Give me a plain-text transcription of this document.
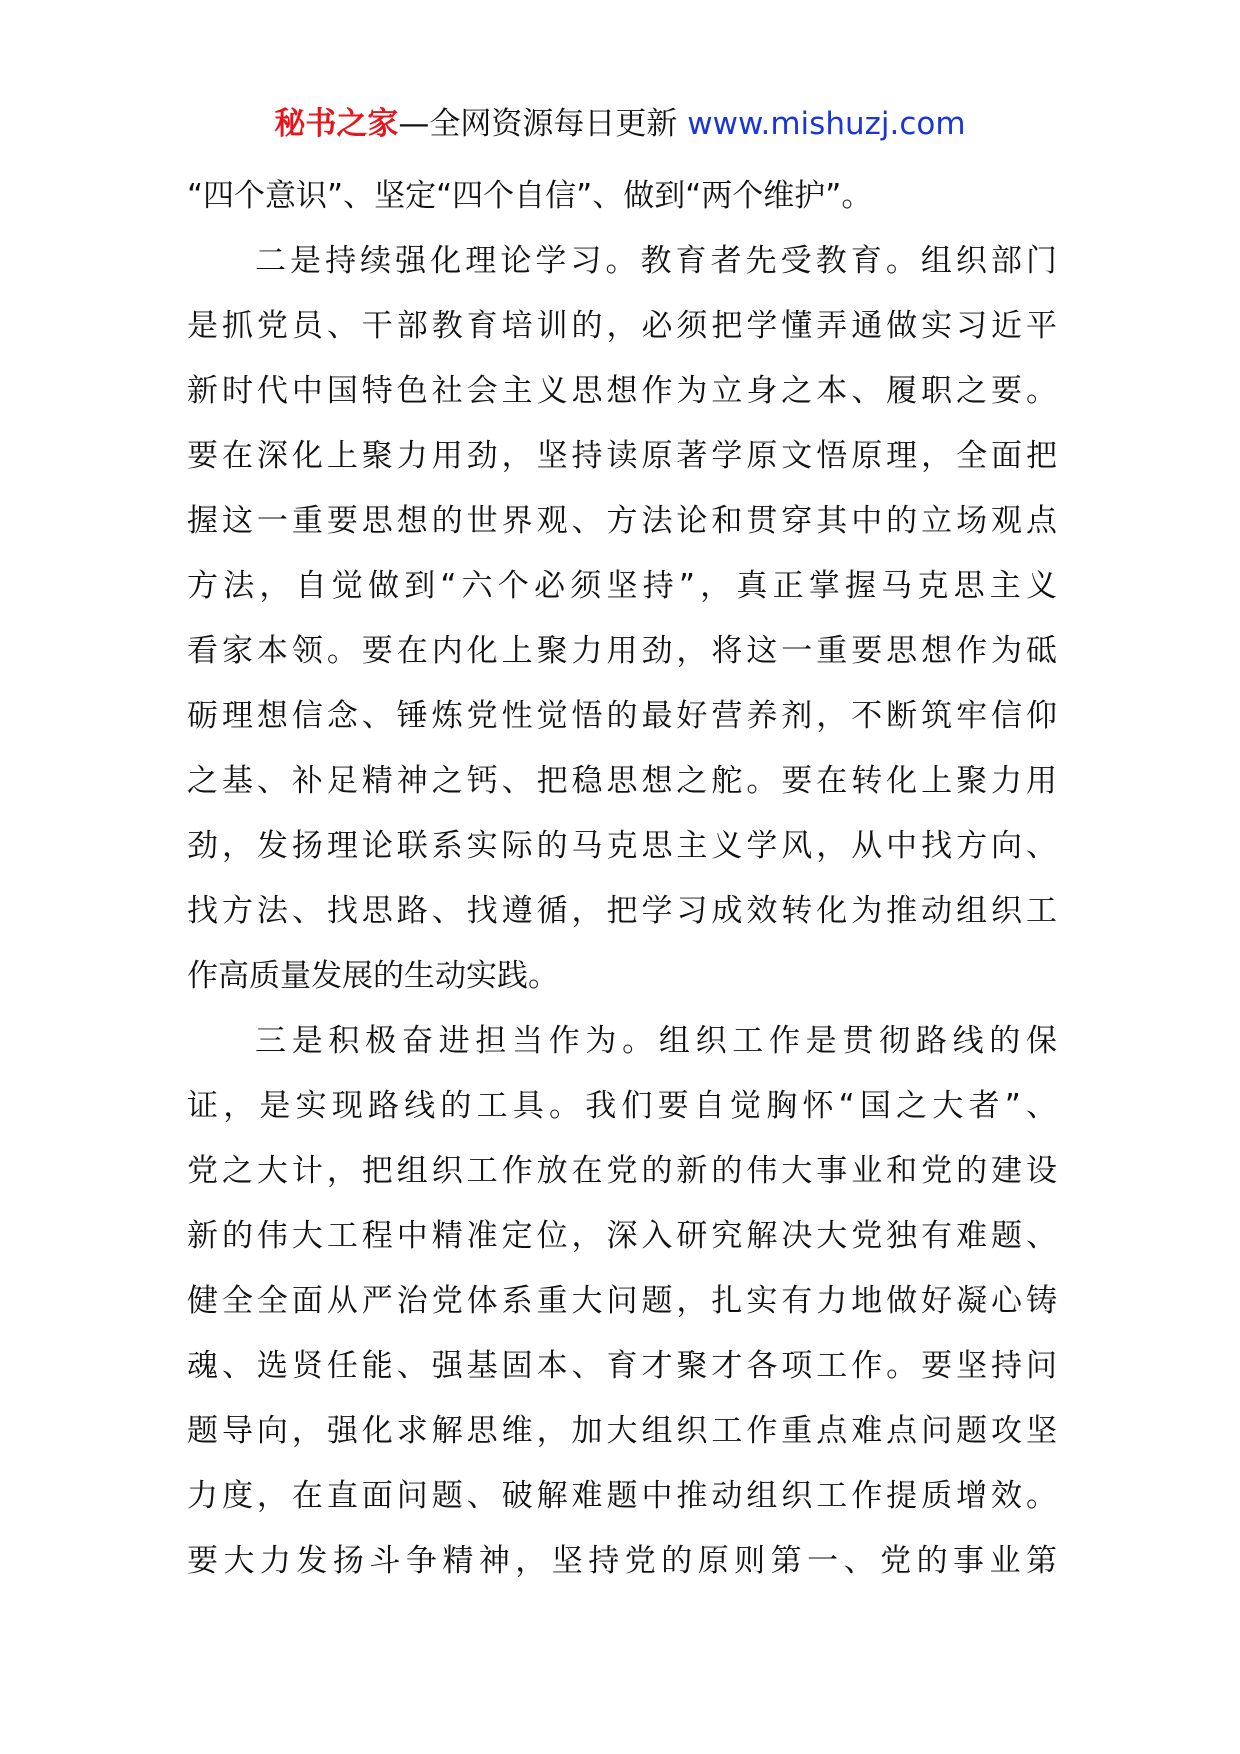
秘书之家—全网资源每日更新 www.mishuzj.com
“四个意识”、坚定“四个自信”、做到“两个维护”。
二是持续强化理论学习。教育者先受教育。组织部门
是抓党员、干部教育培训的，必须把学懂弄通做实习近平
新时代中国特色社会主义思想作为立身之本、履职之要。
要在深化上聚力用劲，坚持读原著学原文悟原理，全面把
握这一重要思想的世界观、方法论和贯穿其中的立场观点
方法，自觉做到“六个必须坚持”，真正掌握马克思主义
看家本领。要在内化上聚力用劲，将这一重要思想作为砥
砺理想信念、锤炼党性觉悟的最好营养剂，不断筑牢信仰
之基、补足精神之钙、把稳思想之舵。要在转化上聚力用
劲，发扬理论联系实际的马克思主义学风，从中找方向、
找方法、找思路、找遵循，把学习成效转化为推动组织工
作高质量发展的生动实践。
三是积极奋进担当作为。组织工作是贯彻路线的保
证，是实现路线的工具。我们要自觉胸怀“国之大者”、
党之大计，把组织工作放在党的新的伟大事业和党的建设
新的伟大工程中精准定位，深入研究解决大党独有难题、
健全全面从严治党体系重大问题，扎实有力地做好凝心铸
魂、选贤任能、强基固本、育才聚才各项工作。要坚持问
题导向，强化求解思维，加大组织工作重点难点问题攻坚
力度，在直面问题、破解难题中推动组织工作提质增效。
要大力发扬斗争精神，坚持党的原则第一、党的事业第
